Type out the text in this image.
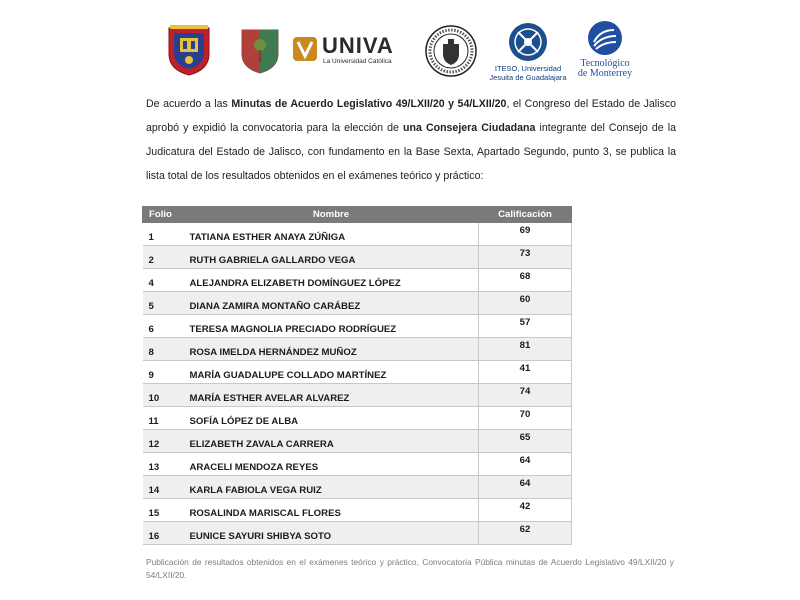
UNIVA
La Universidad Católica
ITESO, Universidad
Jesuita de Guadalajara
Tecnológico
de Monterrey
De acuerdo a las Minutas de Acuerdo Legislativo 49/LXII/20 y 54/LXII/20, el Congreso del Estado de Jalisco aprobó y expidió la convocatoria para la elección de una Consejera Ciudadana integrante del Consejo de la Judicatura del Estado de Jalisco, con fundamento en la Base Sexta, Apartado Segundo, punto 3, se publica la lista total de los resultados obtenidos en el exámenes teórico y práctico:
Folio	Nombre	Calificación
1	TATIANA ESTHER ANAYA ZÚÑIGA	69
2	RUTH GABRIELA GALLARDO VEGA	73
4	ALEJANDRA ELIZABETH DOMÍNGUEZ LÓPEZ	68
5	DIANA ZAMIRA MONTAÑO CARÁBEZ	60
6	TERESA MAGNOLIA PRECIADO RODRÍGUEZ	57
8	ROSA IMELDA HERNÁNDEZ MUÑOZ	81
9	MARÍA GUADALUPE COLLADO MARTÍNEZ	41
10	MARÍA ESTHER AVELAR ALVAREZ	74
11	SOFÍA LÓPEZ DE ALBA	70
12	ELIZABETH ZAVALA CARRERA	65
13	ARACELI MENDOZA REYES	64
14	KARLA FABIOLA VEGA RUIZ	64
15	ROSALINDA MARISCAL FLORES	42
16	EUNICE SAYURI SHIBYA SOTO	62
Publicación de resultados obtenidos en el exámenes teórico y práctico, Convocatoria Pública minutas de Acuerdo Legislativo 49/LXII/20 y 54/LXII/20.
